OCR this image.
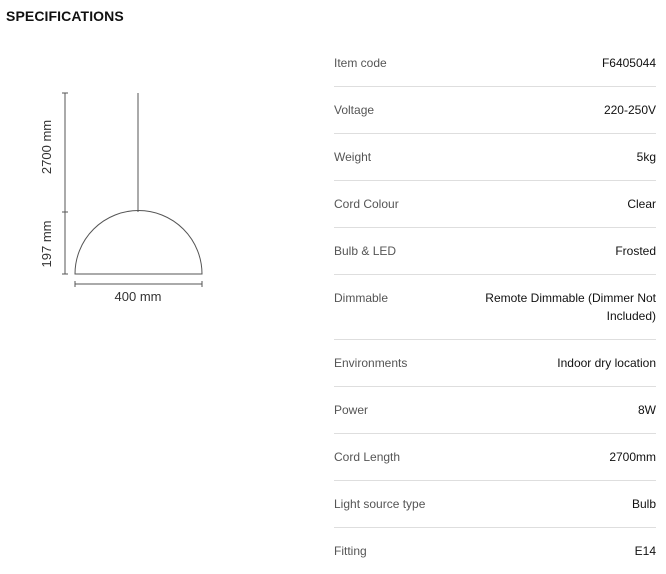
SPECIFICATIONS
2700 mm
197 mm
400 mm
Item code	F6405044
Voltage	220-250V
Weight	5kg
Cord Colour	Clear
Bulb & LED	Frosted
Dimmable	Remote Dimmable (Dimmer Not Included)
Environments	Indoor dry location
Power	8W
Cord Length	2700mm
Light source type	Bulb
Fitting	E14
